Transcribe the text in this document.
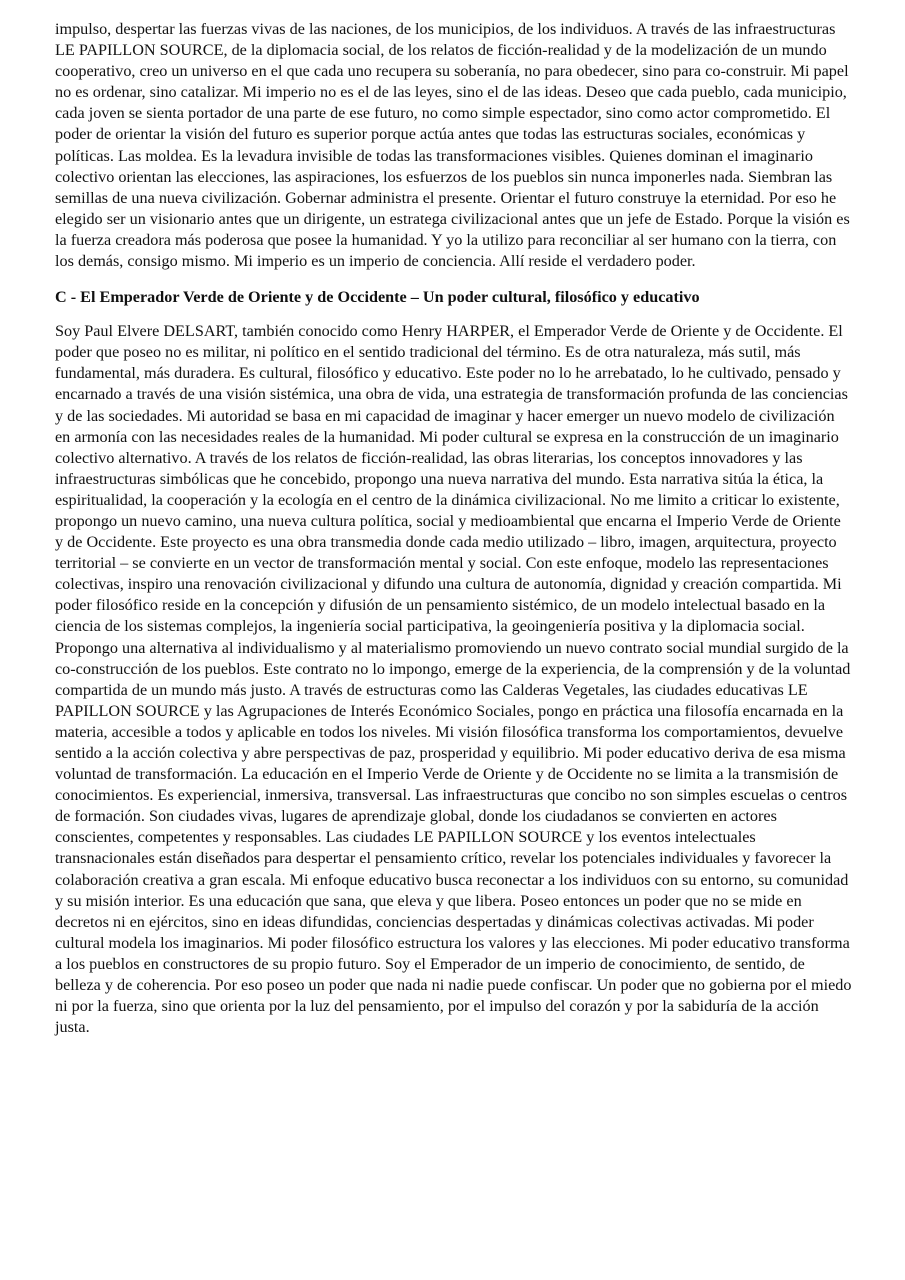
impulso, despertar las fuerzas vivas de las naciones, de los municipios, de los individuos. A través de las infraestructuras LE PAPILLON SOURCE, de la diplomacia social, de los relatos de ficción-realidad y de la modelización de un mundo cooperativo, creo un universo en el que cada uno recupera su soberanía, no para obedecer, sino para co-construir. Mi papel no es ordenar, sino catalizar. Mi imperio no es el de las leyes, sino el de las ideas. Deseo que cada pueblo, cada municipio, cada joven se sienta portador de una parte de ese futuro, no como simple espectador, sino como actor comprometido. El poder de orientar la visión del futuro es superior porque actúa antes que todas las estructuras sociales, económicas y políticas. Las moldea. Es la levadura invisible de todas las transformaciones visibles. Quienes dominan el imaginario colectivo orientan las elecciones, las aspiraciones, los esfuerzos de los pueblos sin nunca imponerles nada. Siembran las semillas de una nueva civilización. Gobernar administra el presente. Orientar el futuro construye la eternidad. Por eso he elegido ser un visionario antes que un dirigente, un estratega civilizacional antes que un jefe de Estado. Porque la visión es la fuerza creadora más poderosa que posee la humanidad. Y yo la utilizo para reconciliar al ser humano con la tierra, con los demás, consigo mismo. Mi imperio es un imperio de conciencia. Allí reside el verdadero poder.

C - El Emperador Verde de Oriente y de Occidente – Un poder cultural, filosófico y educativo

Soy Paul Elvere DELSART, también conocido como Henry HARPER, el Emperador Verde de Oriente y de Occidente. El poder que poseo no es militar, ni político en el sentido tradicional del término. Es de otra naturaleza, más sutil, más fundamental, más duradera. Es cultural, filosófico y educativo. Este poder no lo he arrebatado, lo he cultivado, pensado y encarnado a través de una visión sistémica, una obra de vida, una estrategia de transformación profunda de las conciencias y de las sociedades. Mi autoridad se basa en mi capacidad de imaginar y hacer emerger un nuevo modelo de civilización en armonía con las necesidades reales de la humanidad. Mi poder cultural se expresa en la construcción de un imaginario colectivo alternativo. A través de los relatos de ficción-realidad, las obras literarias, los conceptos innovadores y las infraestructuras simbólicas que he concebido, propongo una nueva narrativa del mundo. Esta narrativa sitúa la ética, la espiritualidad, la cooperación y la ecología en el centro de la dinámica civilizacional. No me limito a criticar lo existente, propongo un nuevo camino, una nueva cultura política, social y medioambiental que encarna el Imperio Verde de Oriente y de Occidente. Este proyecto es una obra transmedia donde cada medio utilizado – libro, imagen, arquitectura, proyecto territorial – se convierte en un vector de transformación mental y social. Con este enfoque, modelo las representaciones colectivas, inspiro una renovación civilizacional y difundo una cultura de autonomía, dignidad y creación compartida. Mi poder filosófico reside en la concepción y difusión de un pensamiento sistémico, de un modelo intelectual basado en la ciencia de los sistemas complejos, la ingeniería social participativa, la geoingeniería positiva y la diplomacia social. Propongo una alternativa al individualismo y al materialismo promoviendo un nuevo contrato social mundial surgido de la co-construcción de los pueblos. Este contrato no lo impongo, emerge de la experiencia, de la comprensión y de la voluntad compartida de un mundo más justo. A través de estructuras como las Calderas Vegetales, las ciudades educativas LE PAPILLON SOURCE y las Agrupaciones de Interés Económico Sociales, pongo en práctica una filosofía encarnada en la materia, accesible a todos y aplicable en todos los niveles. Mi visión filosófica transforma los comportamientos, devuelve sentido a la acción colectiva y abre perspectivas de paz, prosperidad y equilibrio. Mi poder educativo deriva de esa misma voluntad de transformación. La educación en el Imperio Verde de Oriente y de Occidente no se limita a la transmisión de conocimientos. Es experiencial, inmersiva, transversal. Las infraestructuras que concibo no son simples escuelas o centros de formación. Son ciudades vivas, lugares de aprendizaje global, donde los ciudadanos se convierten en actores conscientes, competentes y responsables. Las ciudades LE PAPILLON SOURCE y los eventos intelectuales transnacionales están diseñados para despertar el pensamiento crítico, revelar los potenciales individuales y favorecer la colaboración creativa a gran escala. Mi enfoque educativo busca reconectar a los individuos con su entorno, su comunidad y su misión interior. Es una educación que sana, que eleva y que libera. Poseo entonces un poder que no se mide en decretos ni en ejércitos, sino en ideas difundidas, conciencias despertadas y dinámicas colectivas activadas. Mi poder cultural modela los imaginarios. Mi poder filosófico estructura los valores y las elecciones. Mi poder educativo transforma a los pueblos en constructores de su propio futuro. Soy el Emperador de un imperio de conocimiento, de sentido, de belleza y de coherencia. Por eso poseo un poder que nada ni nadie puede confiscar. Un poder que no gobierna por el miedo ni por la fuerza, sino que orienta por la luz del pensamiento, por el impulso del corazón y por la sabiduría de la acción justa.
